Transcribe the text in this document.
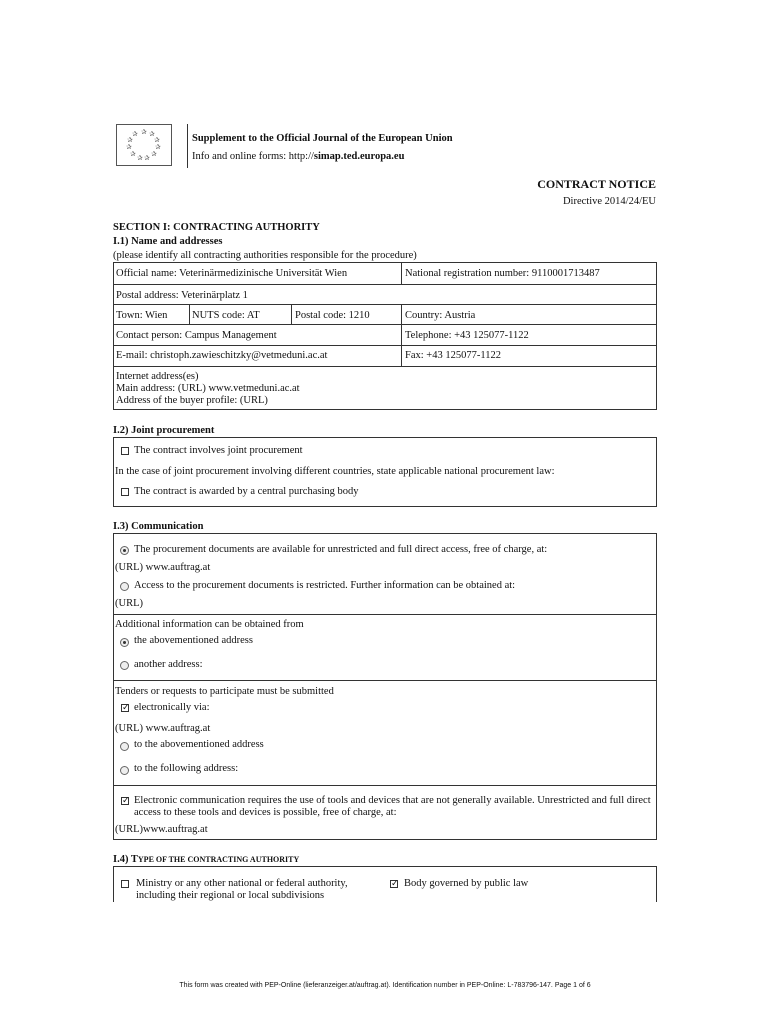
✰ ✰
✰
✰
✰
✰
✰
✰
✰
✰
✰	Supplement to the Official Journal of the European Union
Info and online forms: http://simap.ted.europa.eu
CONTRACT NOTICE
Directive 2014/24/EU
SECTION I: CONTRACTING AUTHORITY
I.1) Name and addresses
(please identify all contracting authorities responsible for the procedure)
Official name: Veterinärmedizinische Universität Wien	National registration number: 9110001713487
Postal address: Veterinärplatz 1
Town: Wien NUTS code: AT	Postal code: 1210	Country: Austria
Contact person: Campus Management	Telephone: +43 125077-1122
E-mail: christoph.zawieschitzky@vetmeduni.ac.at	Fax: +43 125077-1122
Internet address(es)
Main address: (URL) www.vetmeduni.ac.at
Address of the buyer profile: (URL)
I.2) Joint procurement
The contract involves joint procurement
In the case of joint procurement involving different countries, state applicable national procurement law:
The contract is awarded by a central purchasing body
I.3) Communication
The procurement documents are available for unrestricted and full direct access, free of charge, at:
(URL) www.auftrag.at
Access to the procurement documents is restricted. Further information can be obtained at:
(URL)
Additional information can be obtained from
the abovementioned address
another address:
Tenders or requests to participate must be submitted
✓ electronically via:
(URL) www.auftrag.at
to the abovementioned address
to the following address:
✓ Electronic communication requires the use of tools and devices that are not generally available. Unrestricted and full direct
access to these tools and devices is possible, free of charge, at:
(URL)www.auftrag.at
I.4) TYPE OF THE CONTRACTING AUTHORITY
Ministry or any other national or federal authority,
including their regional or local subdivisions
✓ Body governed by public law
This form was created with PEP-Online (lieferanzeiger.at/auftrag.at). Identification number in PEP-Online: L-783796-147. Page 1 of 6
